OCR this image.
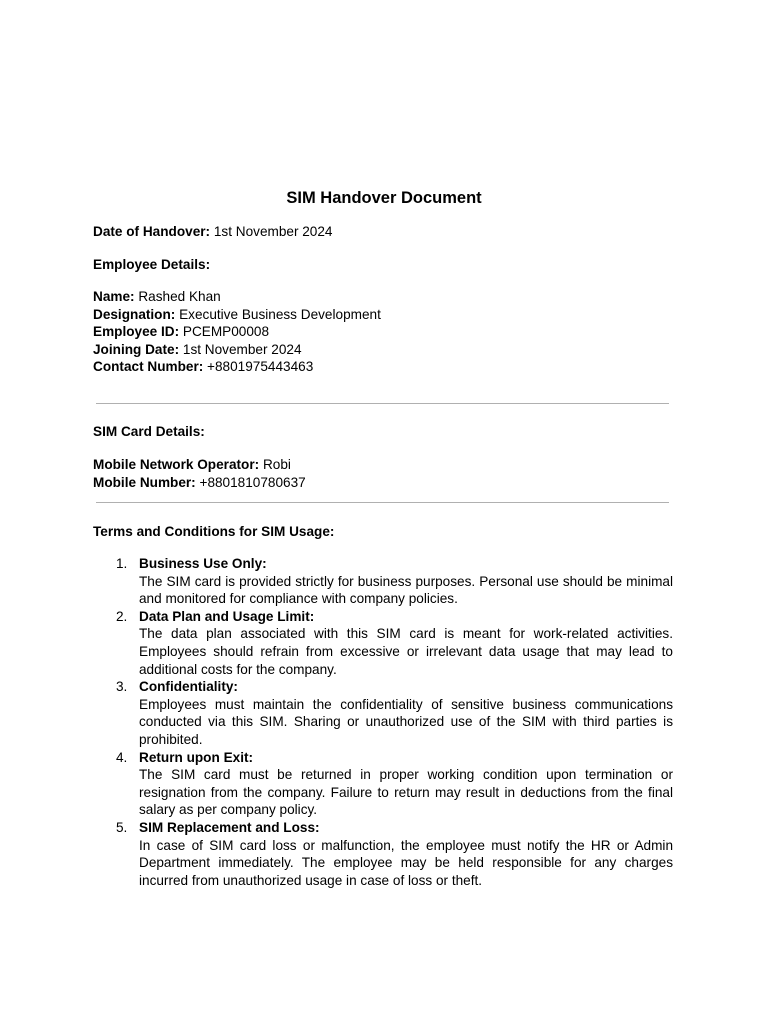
SIM Handover Document
Date of Handover: 1st November 2024
Employee Details:
Name: Rashed Khan
Designation: Executive Business Development
Employee ID: PCEMP00008
Joining Date: 1st November 2024
Contact Number: +8801975443463
SIM Card Details:
Mobile Network Operator: Robi
Mobile Number: +8801810780637
Terms and Conditions for SIM Usage:
1. Business Use Only:
The SIM card is provided strictly for business purposes. Personal use should be minimal and monitored for compliance with company policies.
2. Data Plan and Usage Limit:
The data plan associated with this SIM card is meant for work-related activities. Employees should refrain from excessive or irrelevant data usage that may lead to additional costs for the company.
3. Confidentiality:
Employees must maintain the confidentiality of sensitive business communications conducted via this SIM. Sharing or unauthorized use of the SIM with third parties is prohibited.
4. Return upon Exit:
The SIM card must be returned in proper working condition upon termination or resignation from the company. Failure to return may result in deductions from the final salary as per company policy.
5. SIM Replacement and Loss:
In case of SIM card loss or malfunction, the employee must notify the HR or Admin Department immediately. The employee may be held responsible for any charges incurred from unauthorized usage in case of loss or theft.
